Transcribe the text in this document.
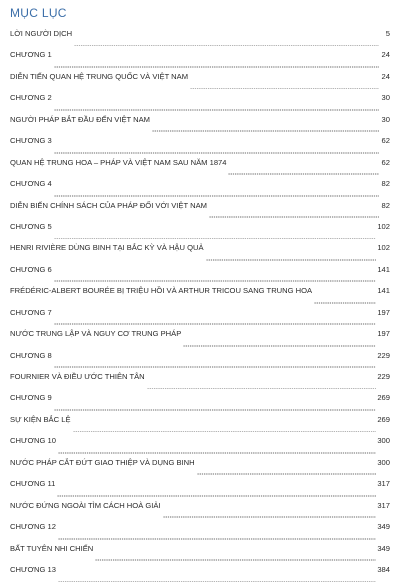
MỤC LỤC
LỜI NGƯỜI DỊCH	5
CHƯƠNG 1	24
DIỄN TIẾN QUAN HỆ TRUNG QUỐC VÀ VIỆT NAM	24
CHƯƠNG 2	30
NGƯỜI PHÁP BẮT ĐẦU ĐẾN VIỆT NAM	30
CHƯƠNG 3	62
QUAN HỆ TRUNG HOA – PHÁP VÀ VIỆT NAM SAU NĂM 1874	62
CHƯƠNG 4	82
DIỄN BIẾN CHÍNH SÁCH CỦA PHÁP ĐỐI VỚI VIỆT NAM	82
CHƯƠNG 5	102
HENRI RIVIÈRE DÙNG BINH TẠI BẮC KỲ VÀ HẬU QUẢ	102
CHƯƠNG 6	141
FRÉDÉRIC-ALBERT BOURÉE BỊ TRIỆU HỒI VÀ ARTHUR TRICOU SANG TRUNG HOA	141
CHƯƠNG 7	197
NƯỚC TRUNG LẬP VÀ NGUY CƠ TRUNG PHÁP	197
CHƯƠNG 8	229
FOURNIER VÀ ĐIỀU ƯỚC THIÊN TÂN	229
CHƯƠNG 9	269
SỰ KIỆN BẮC LỆ	269
CHƯƠNG 10	300
NƯỚC PHÁP CẮT ĐỨT GIAO THIỆP VÀ DỤNG BINH	300
CHƯƠNG 11	317
NƯỚC ĐỨNG NGOÀI TÌM CÁCH HOÀ GIẢI	317
CHƯƠNG 12	349
BẤT TUYÊN NHI CHIẾN	349
CHƯƠNG 13	384
